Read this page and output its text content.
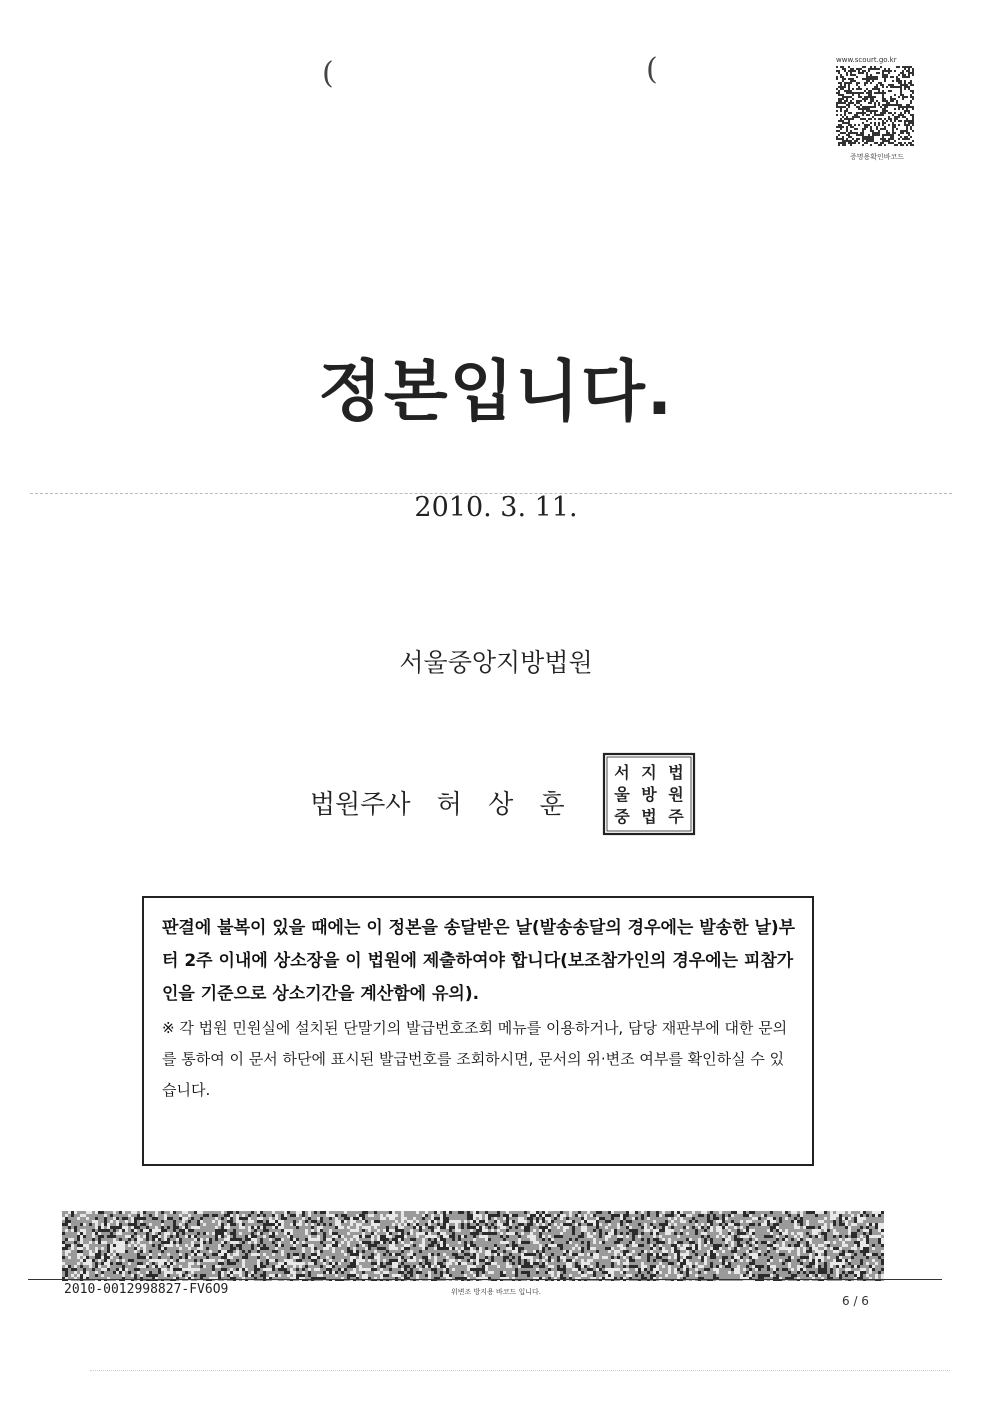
(	(	www.scourt.go.kr
증명용확인바코드
정본입니다.
2010. 3. 11.
서울중앙지방법원
법원주사 허 상 훈
서 지 법
울 방 원
중 법 주

판결에 불복이 있을 때에는 이 정본을 송달받은 날(발송송달의 경우에는 발송한 날)부터 2주 이내에 상소장을 이 법원에 제출하여야 합니다(보조참가인의 경우에는 피참가인을 기준으로 상소기간을 계산함에 유의).

※ 각 법원 민원실에 설치된 단말기의 발급번호조회 메뉴를 이용하거나, 담당 재판부에 대한 문의를 통하여 이 문서 하단에 표시된 발급번호를 조회하시면, 문서의 위·변조 여부를 확인하실 수 있습니다.

2010-0012998827-FV6O9	위변조 방지용 바코드 입니다.
6 / 6
